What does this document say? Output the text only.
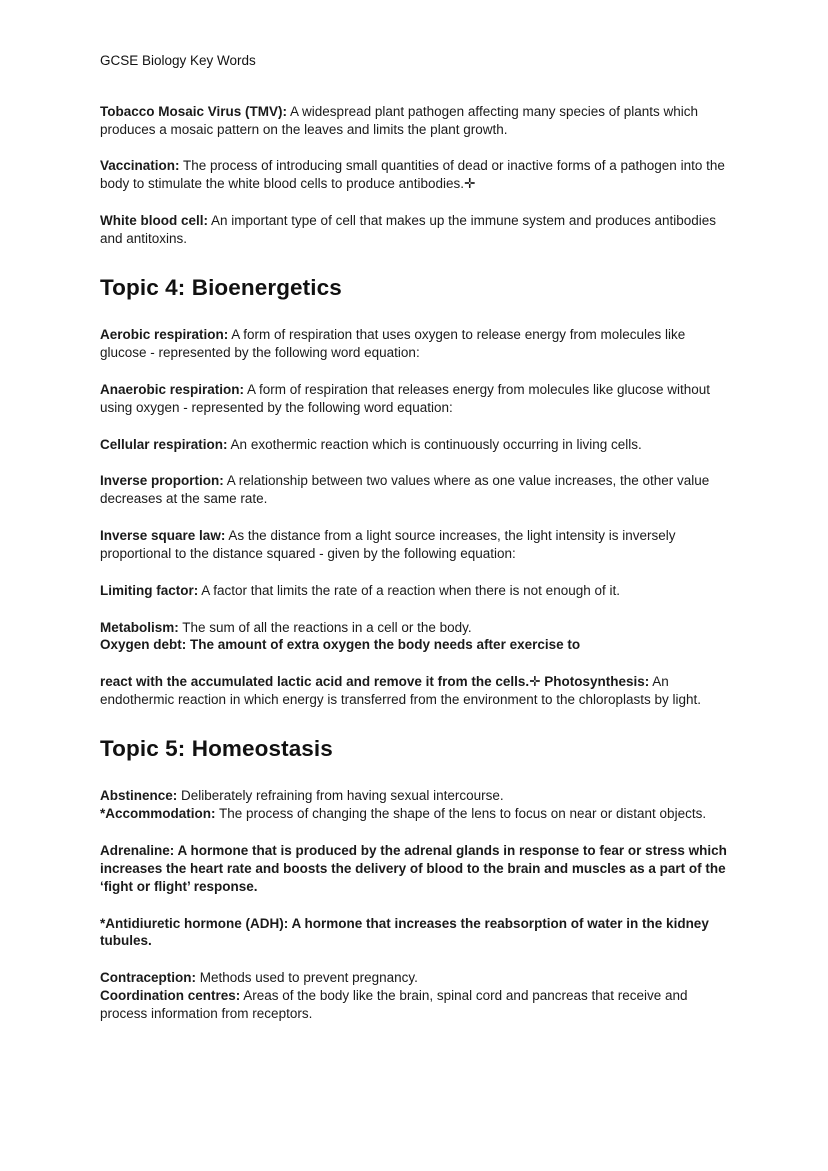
GCSE Biology Key Words

Tobacco Mosaic Virus (TMV): A widespread plant pathogen affecting many species of plants which produces a mosaic pattern on the leaves and limits the plant growth.

Vaccination: The process of introducing small quantities of dead or inactive forms of a pathogen into the body to stimulate the white blood cells to produce antibodies.✛

White blood cell: An important type of cell that makes up the immune system and produces antibodies and antitoxins.

Topic 4: Bioenergetics

Aerobic respiration: A form of respiration that uses oxygen to release energy from molecules like glucose - represented by the following word equation:

Anaerobic respiration: A form of respiration that releases energy from molecules like glucose without using oxygen - represented by the following word equation:

Cellular respiration: An exothermic reaction which is continuously occurring in living cells.

Inverse proportion: A relationship between two values where as one value increases, the other value decreases at the same rate.

Inverse square law: As the distance from a light source increases, the light intensity is inversely proportional to the distance squared - given by the following equation:

Limiting factor: A factor that limits the rate of a reaction when there is not enough of it.

Metabolism: The sum of all the reactions in a cell or the body.
Oxygen debt: The amount of extra oxygen the body needs after exercise to

react with the accumulated lactic acid and remove it from the cells.✛ Photosynthesis: An endothermic reaction in which energy is transferred from the environment to the chloroplasts by light.

Topic 5: Homeostasis

Abstinence: Deliberately refraining from having sexual intercourse.
*Accommodation: The process of changing the shape of the lens to focus on near or distant objects.

Adrenaline: A hormone that is produced by the adrenal glands in response to fear or stress which increases the heart rate and boosts the delivery of blood to the brain and muscles as a part of the ‘fight or flight’ response.

*Antidiuretic hormone (ADH): A hormone that increases the reabsorption of water in the kidney tubules.

Contraception: Methods used to prevent pregnancy.
Coordination centres: Areas of the body like the brain, spinal cord and pancreas that receive and process information from receptors.
